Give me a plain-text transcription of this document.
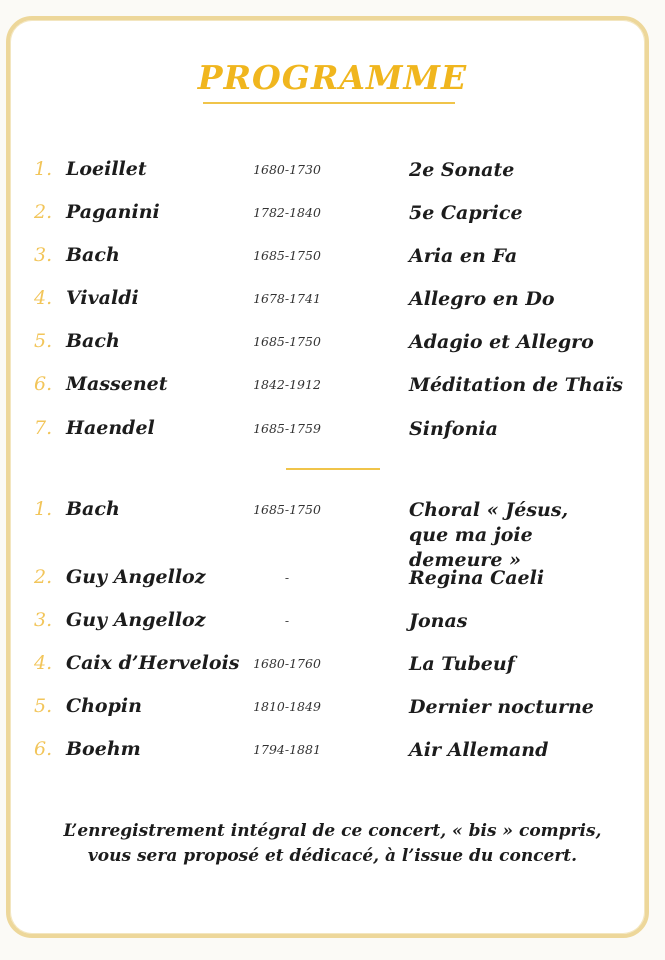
PROGRAMME
1. Loeillet	1680-1730	2e Sonate
2. Paganini	1782-1840	5e Caprice
3. Bach	1685-1750	Aria en Fa
4. Vivaldi	1678-1741	Allegro en Do
5. Bach	1685-1750	Adagio et Allegro
6. Massenet	1842-1912	Méditation de Thaïs
7. Haendel	1685-1759	Sinfonia
1. Bach	1685-1750	Choral « Jésus, que ma joie demeure »
2. Guy Angelloz	-	Regina Caeli
3. Guy Angelloz	-	Jonas
4. Caix d’Hervelois	1680-1760	La Tubeuf
5. Chopin	1810-1849	Dernier nocturne
6. Boehm	1794-1881	Air Allemand
L’enregistrement intégral de ce concert, « bis » compris,
vous sera proposé et dédicacé, à l’issue du concert.
